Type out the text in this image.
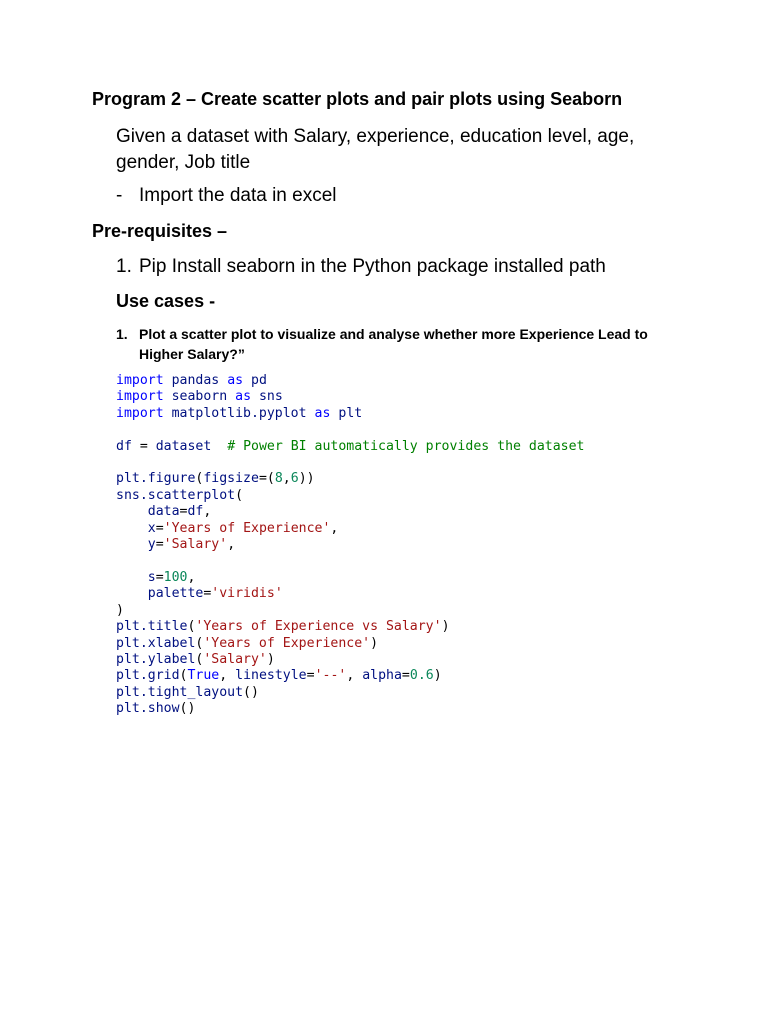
Program 2 – Create scatter plots and pair plots using Seaborn
Given a dataset with Salary, experience, education level, age, gender, Job title
- Import the data in excel
Pre-requisites –
1. Pip Install seaborn in the Python package installed path
Use cases -
1. Plot a scatter plot to visualize and analyse whether more Experience Lead to Higher Salary?”
import pandas as pd
import seaborn as sns
import matplotlib.pyplot as plt

df = dataset # Power BI automatically provides the dataset

plt.figure(figsize=(8,6))
sns.scatterplot(
data=df,
x='Years of Experience',
y='Salary',

s=100,
palette='viridis'
)
plt.title('Years of Experience vs Salary')
plt.xlabel('Years of Experience')
plt.ylabel('Salary')
plt.grid(True, linestyle='--', alpha=0.6)
plt.tight_layout()
plt.show()
